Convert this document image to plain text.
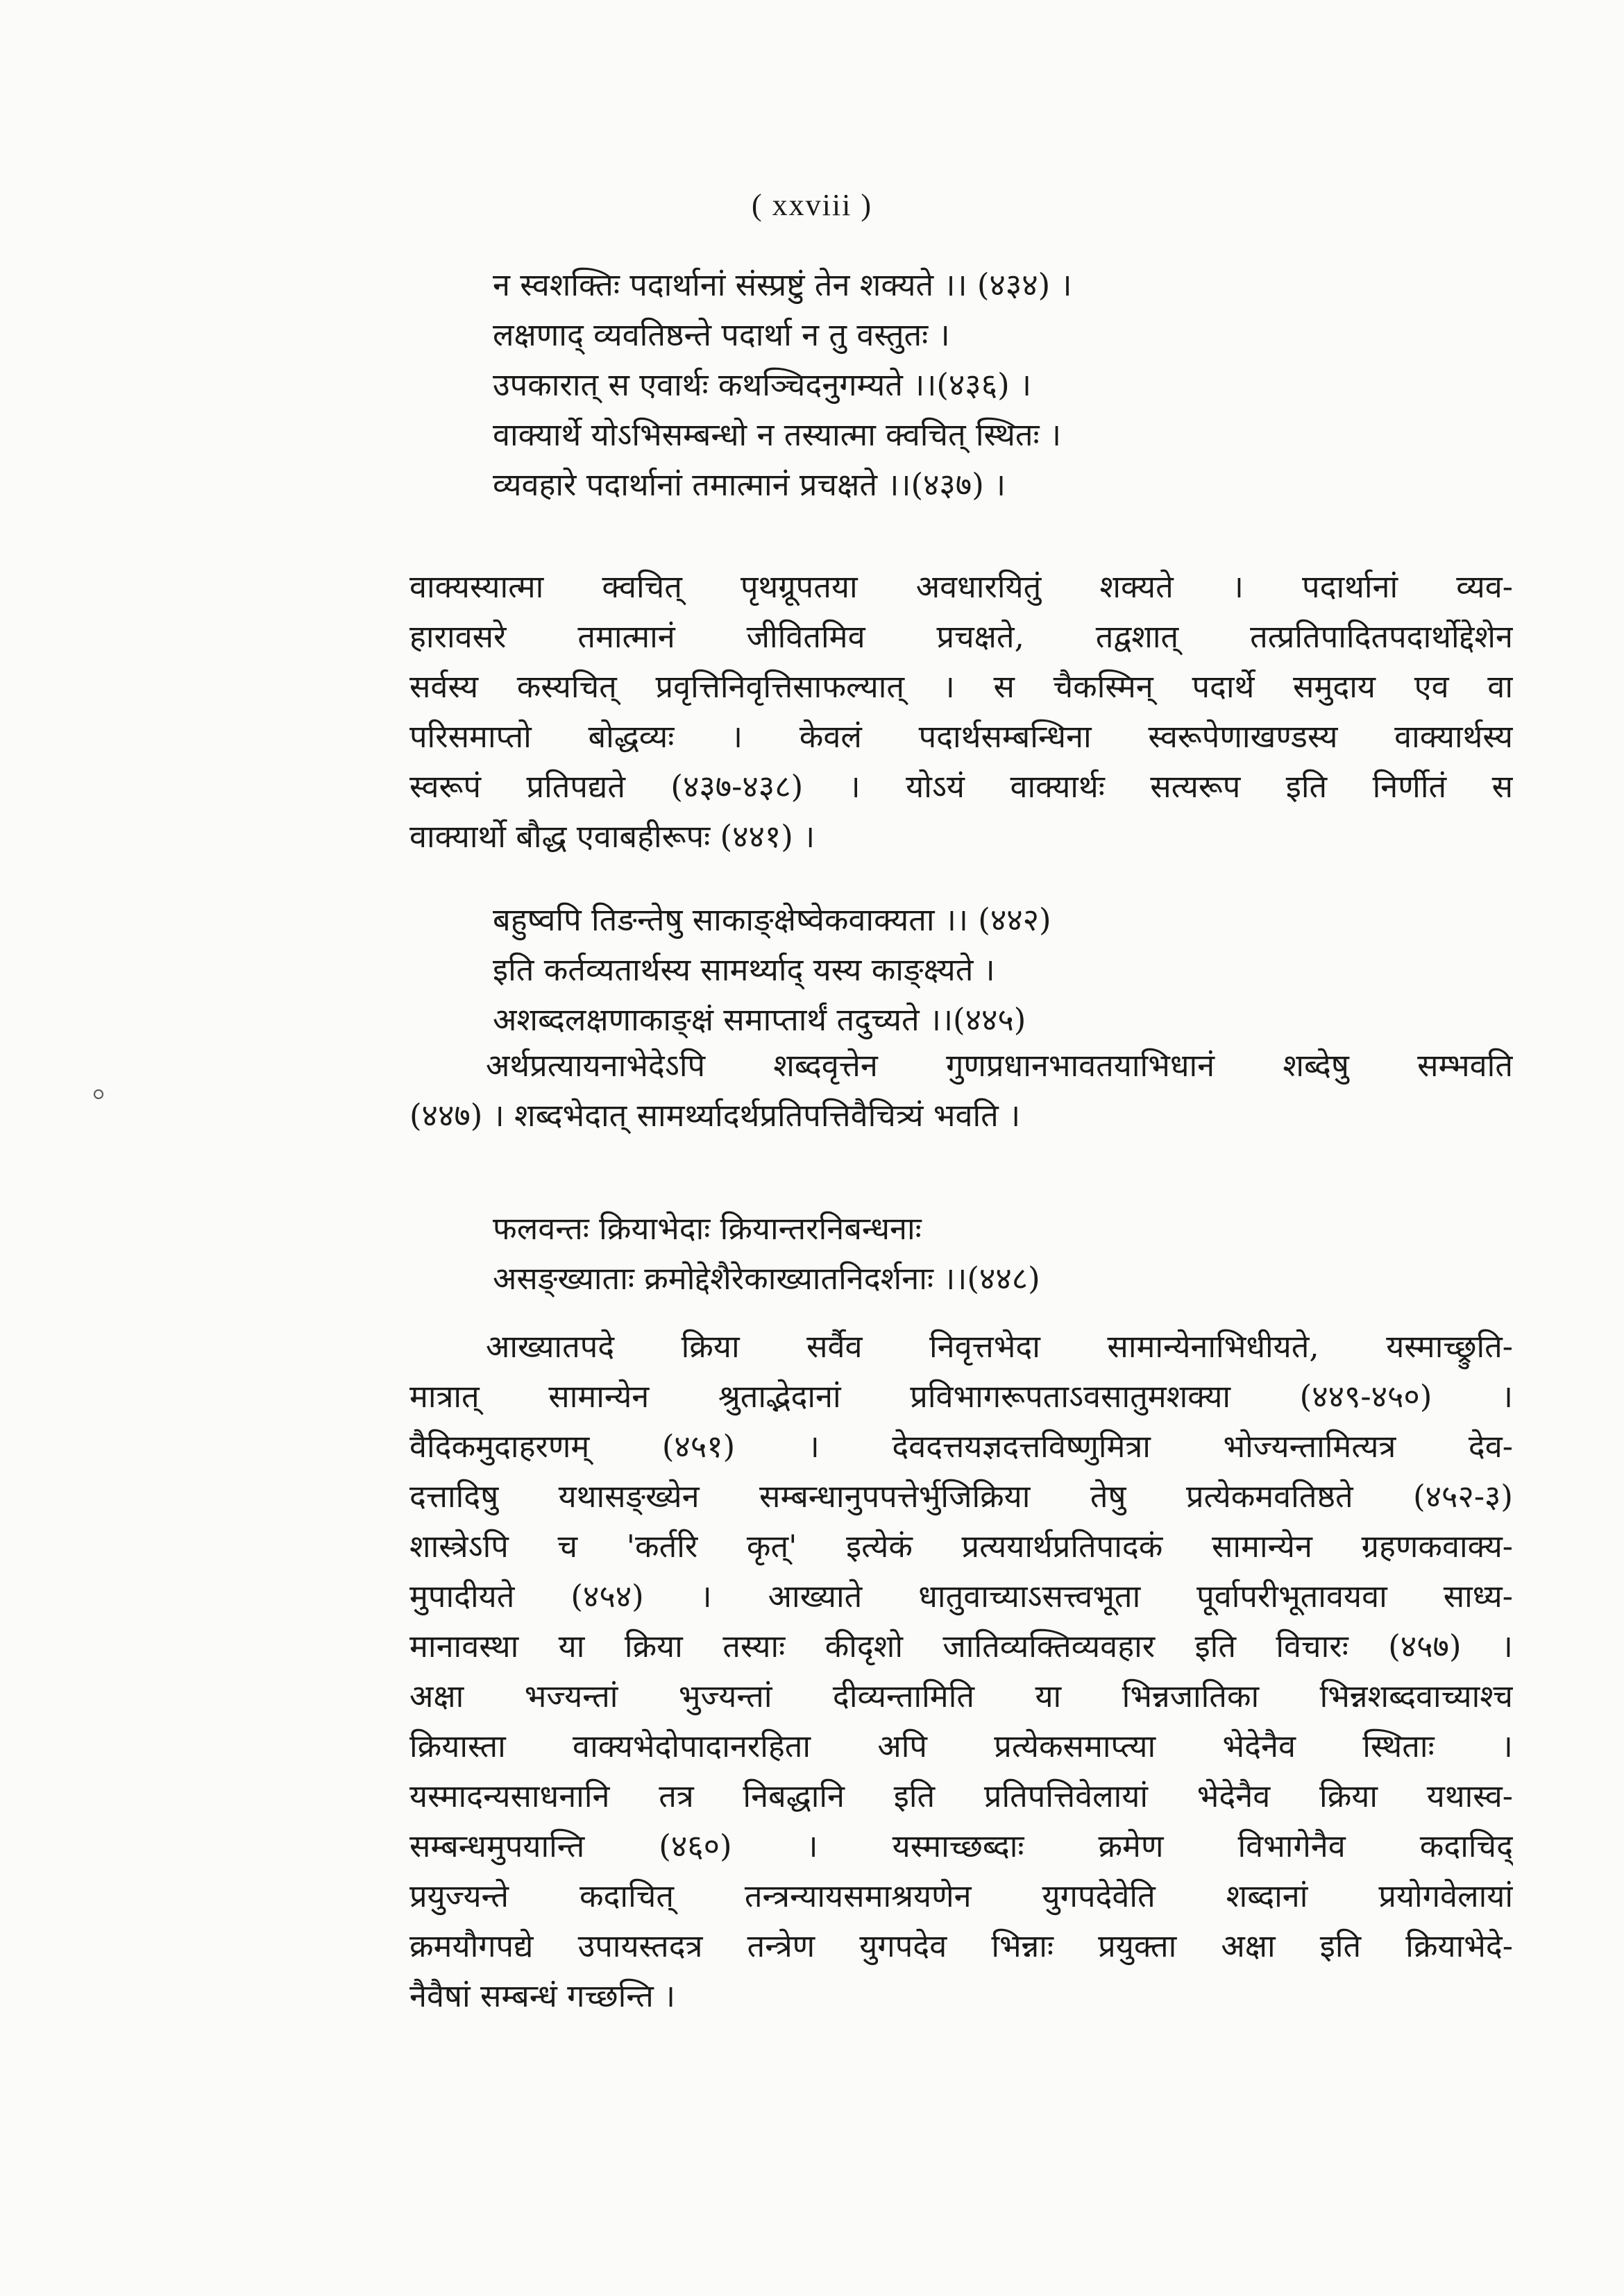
( xxviii )
न स्वशक्तिः पदार्थानां संस्प्रष्टुं तेन शक्यते ।। (४३४) ।
लक्षणाद् व्यवतिष्ठन्ते पदार्था न तु वस्तुतः ।
उपकारात् स एवार्थः कथञ्चिदनुगम्यते ।।(४३६) ।
वाक्यार्थे योऽभिसम्बन्धो न तस्यात्मा क्वचित् स्थितः ।
व्यवहारे पदार्थानां तमात्मानं प्रचक्षते ।।(४३७) ।
वाक्यस्यात्मा क्वचित् पृथग्रूपतया अवधारयितुं शक्यते । पदार्थानां व्यव-
हारावसरे तमात्मानं जीवितमिव प्रचक्षते, तद्वशात् तत्प्रतिपादितपदार्थोद्देशेन
सर्वस्य कस्यचित् प्रवृत्तिनिवृत्तिसाफल्यात् । स चैकस्मिन् पदार्थे समुदाय एव वा
परिसमाप्तो बोद्धव्यः । केवलं पदार्थसम्बन्धिना स्वरूपेणाखण्डस्य वाक्यार्थस्य
स्वरूपं प्रतिपद्यते (४३७-४३८) । योऽयं वाक्यार्थः सत्यरूप इति निर्णीतं स
वाक्यार्थो बौद्ध एवाबहीरूपः (४४१) ।
बहुष्वपि तिङन्तेषु साकाङ्क्षेष्वेकवाक्यता ।। (४४२)
इति कर्तव्यतार्थस्य सामर्थ्याद् यस्य काङ्क्ष्यते ।
अशब्दलक्षणाकाङ्क्षं समाप्तार्थं तदुच्यते ।।(४४५)
अर्थप्रत्यायनाभेदेऽपि शब्दवृत्तेन गुणप्रधानभावतयाभिधानं शब्देषु सम्भवति
(४४७) । शब्दभेदात् सामर्थ्यादर्थप्रतिपत्तिवैचित्र्यं भवति ।
फलवन्तः क्रियाभेदाः क्रियान्तरनिबन्धनाः
असङ्ख्याताः क्रमोद्देशैरेकाख्यातनिदर्शनाः ।।(४४८)
आख्यातपदे क्रिया सर्वैव निवृत्तभेदा सामान्येनाभिधीयते, यस्माच्छ्रुति-
मात्रात् सामान्येन श्रुताद्भेदानां प्रविभागरूपताऽवसातुमशक्या (४४९-४५०) ।
वैदिकमुदाहरणम् (४५१) । देवदत्तयज्ञदत्तविष्णुमित्रा भोज्यन्तामित्यत्र देव-
दत्तादिषु यथासङ्ख्येन सम्बन्धानुपपत्तेर्भुजिक्रिया तेषु प्रत्येकमवतिष्ठते (४५२-३)
शास्त्रेऽपि च 'कर्तरि कृत्' इत्येकं प्रत्ययार्थप्रतिपादकं सामान्येन ग्रहणकवाक्य-
मुपादीयते (४५४) । आख्याते धातुवाच्याऽसत्त्वभूता पूर्वापरीभूतावयवा साध्य-
मानावस्था या क्रिया तस्याः कीदृशो जातिव्यक्तिव्यवहार इति विचारः (४५७) ।
अक्षा भज्यन्तां भुज्यन्तां दीव्यन्तामिति या भिन्नजातिका भिन्नशब्दवाच्याश्च
क्रियास्ता वाक्यभेदोपादानरहिता अपि प्रत्येकसमाप्त्या भेदेनैव स्थिताः ।
यस्मादन्यसाधनानि तत्र निबद्धानि इति प्रतिपत्तिवेलायां भेदेनैव क्रिया यथास्व-
सम्बन्धमुपयान्ति (४६०) । यस्माच्छब्दाः क्रमेण विभागेनैव कदाचिद्
प्रयुज्यन्ते कदाचित् तन्त्रन्यायसमाश्रयणेन युगपदेवेति शब्दानां प्रयोगवेलायां
क्रमयौगपद्ये उपायस्तदत्र तन्त्रेण युगपदेव भिन्नाः प्रयुक्ता अक्षा इति क्रियाभेदे-
नैवैषां सम्बन्धं गच्छन्ति ।
